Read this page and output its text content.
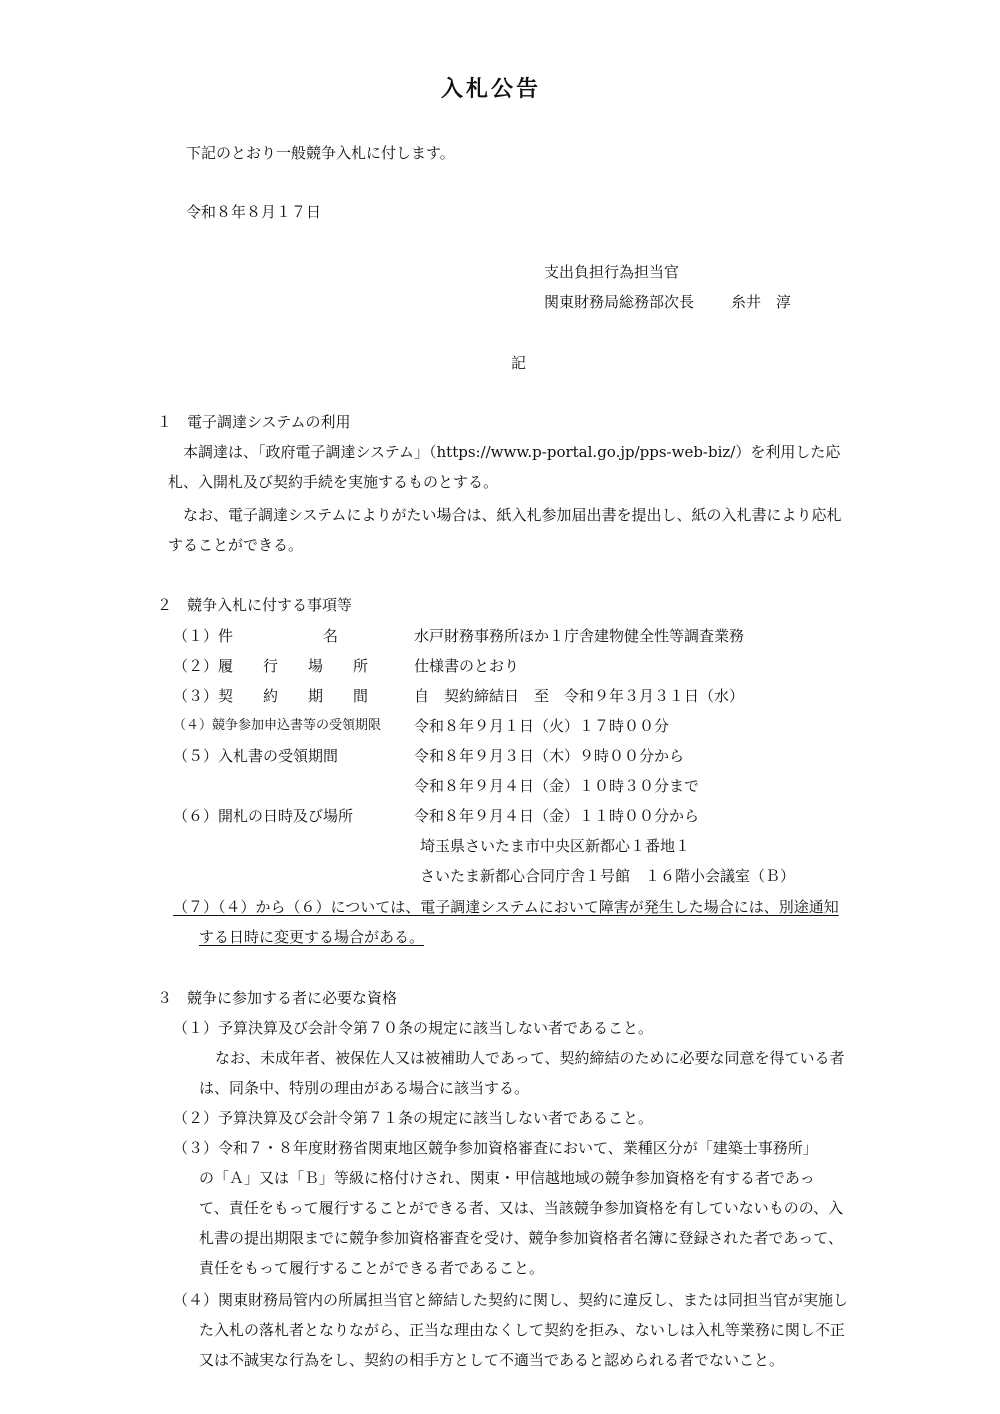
入札公告
下記のとおり一般競争入札に付します。
令和８年８月１７日
支出負担行為担当官
関東財務局総務部次長 糸井　淳
記
１　電子調達システムの利用
本調達は、「政府電子調達システム」（https://www.p-portal.go.jp/pps-web-biz/）を利用した応
札、入開札及び契約手続を実施するものとする。
なお、電子調達システムによりがたい場合は、紙入札参加届出書を提出し、紙の入札書により応札
することができる。
２　競争入札に付する事項等
（１）件　　　　　　名	水戸財務事務所ほか１庁舎建物健全性等調査業務
（２）履　　行　　場　　所	仕様書のとおり
（３）契　　約　　期　　間	自　契約締結日　至　令和９年３月３１日（水）
（４）競争参加申込書等の受領期限 令和８年９月１日（火）１７時００分
（５）入札書の受領期間	令和８年９月３日（木）９時００分から
令和８年９月４日（金）１０時３０分まで
（６）開札の日時及び場所	令和８年９月４日（金）１１時００分から
埼玉県さいたま市中央区新都心１番地１
さいたま新都心合同庁舎１号館　１６階小会議室（Ｂ）
（７）（４）から（６）については、電子調達システムにおいて障害が発生した場合には、別途通知
する日時に変更する場合がある。
３　競争に参加する者に必要な資格
（１）予算決算及び会計令第７０条の規定に該当しない者であること。
なお、未成年者、被保佐人又は被補助人であって、契約締結のために必要な同意を得ている者
は、同条中、特別の理由がある場合に該当する。
（２）予算決算及び会計令第７１条の規定に該当しない者であること。
（３）令和７・８年度財務省関東地区競争参加資格審査において、業種区分が「建築士事務所」
の「Ａ」又は「Ｂ」等級に格付けされ、関東・甲信越地域の競争参加資格を有する者であっ
て、責任をもって履行することができる者、又は、当該競争参加資格を有していないものの、入
札書の提出期限までに競争参加資格審査を受け、競争参加資格者名簿に登録された者であって、
責任をもって履行することができる者であること。
（４）関東財務局管内の所属担当官と締結した契約に関し、契約に違反し、または同担当官が実施し
た入札の落札者となりながら、正当な理由なくして契約を拒み、ないしは入札等業務に関し不正
又は不誠実な行為をし、契約の相手方として不適当であると認められる者でないこと。
